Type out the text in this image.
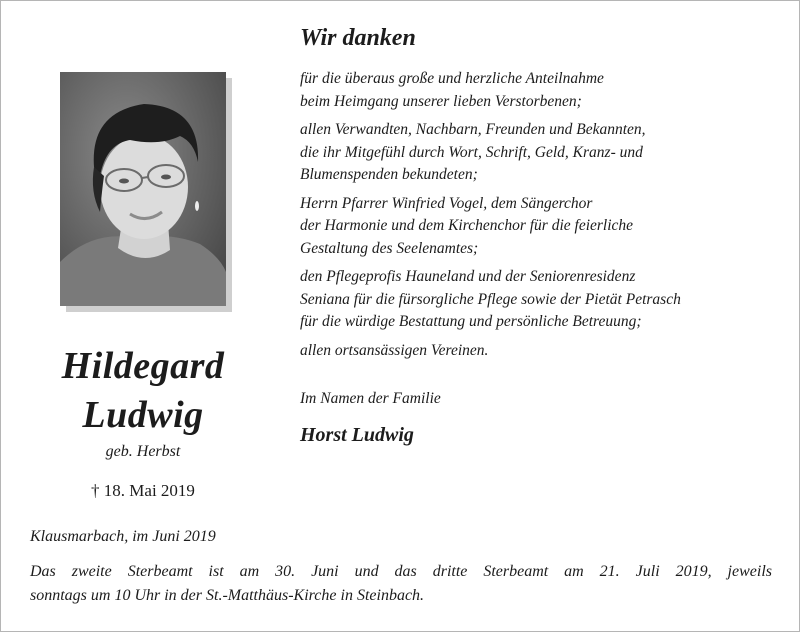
Hildegard
Ludwig
geb. Herbst
† 18. Mai 2019
Wir danken
für die überaus große und herzliche Anteilnahme
beim Heimgang unserer lieben Verstorbenen;
allen Verwandten, Nachbarn, Freunden und Bekannten,
die ihr Mitgefühl durch Wort, Schrift, Geld, Kranz- und
Blumenspenden bekundeten;
Herrn Pfarrer Winfried Vogel, dem Sängerchor
der Harmonie und dem Kirchenchor für die feierliche
Gestaltung des Seelenamtes;
den Pflegeprofis Hauneland und der Seniorenresidenz
Seniana für die fürsorgliche Pflege sowie der Pietät Petrasch
für die würdige Bestattung und persönliche Betreuung;
allen ortsansässigen Vereinen.
Im Namen der Familie
Horst Ludwig
Klausmarbach, im Juni 2019
Das zweite Sterbeamt ist am 30. Juni und das dritte Sterbeamt am 21. Juli 2019, jeweils
sonntags um 10 Uhr in der St.-Matthäus-Kirche in Steinbach.
